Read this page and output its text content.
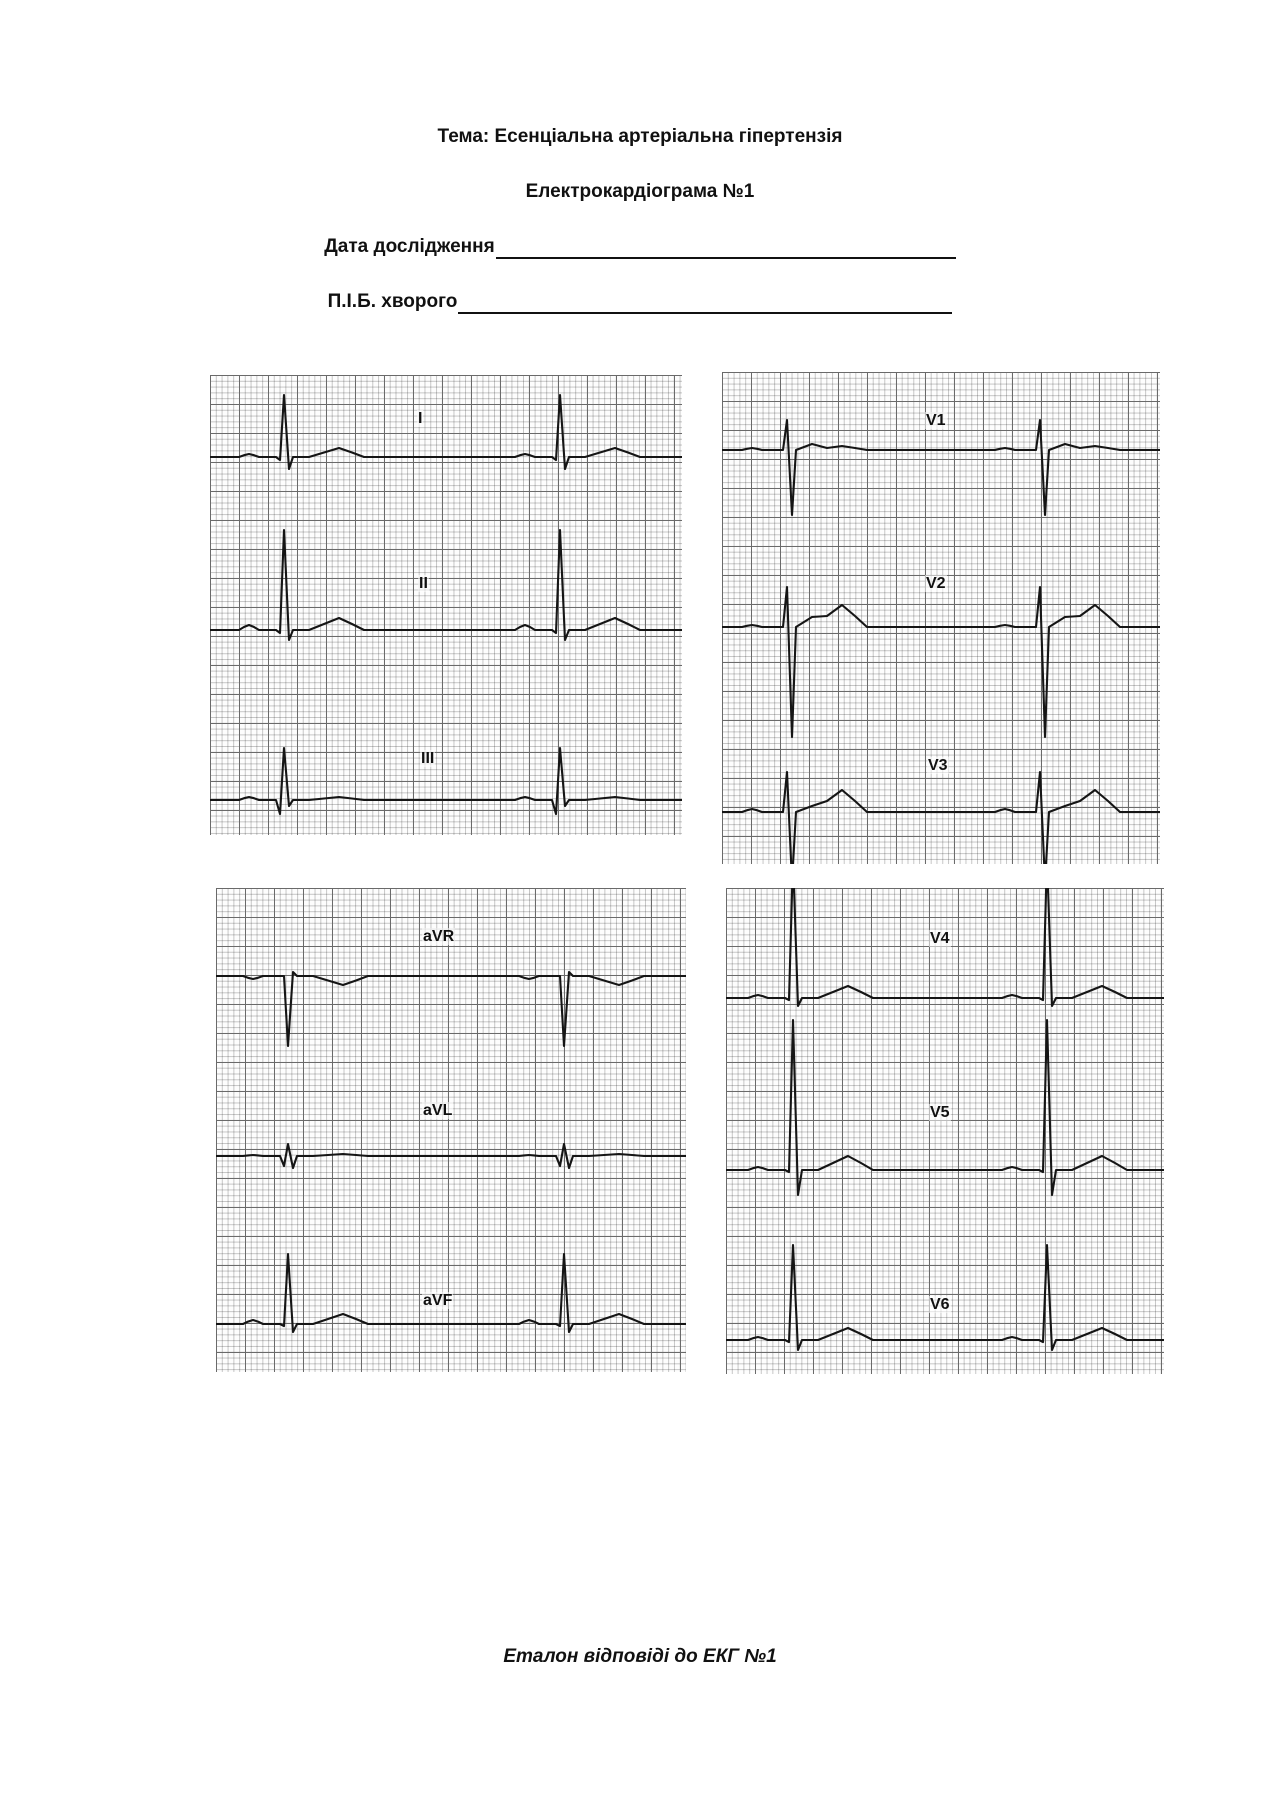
Тема: Есенціальна артеріальна гіпертензія
Електрокардіограма №1
Дата дослідження
П.І.Б. хворого
I
II
III
aVR
aVL
aVF
V1
V2
V3
V4
V5
V6
Еталон відповіді до ЕКГ №1
